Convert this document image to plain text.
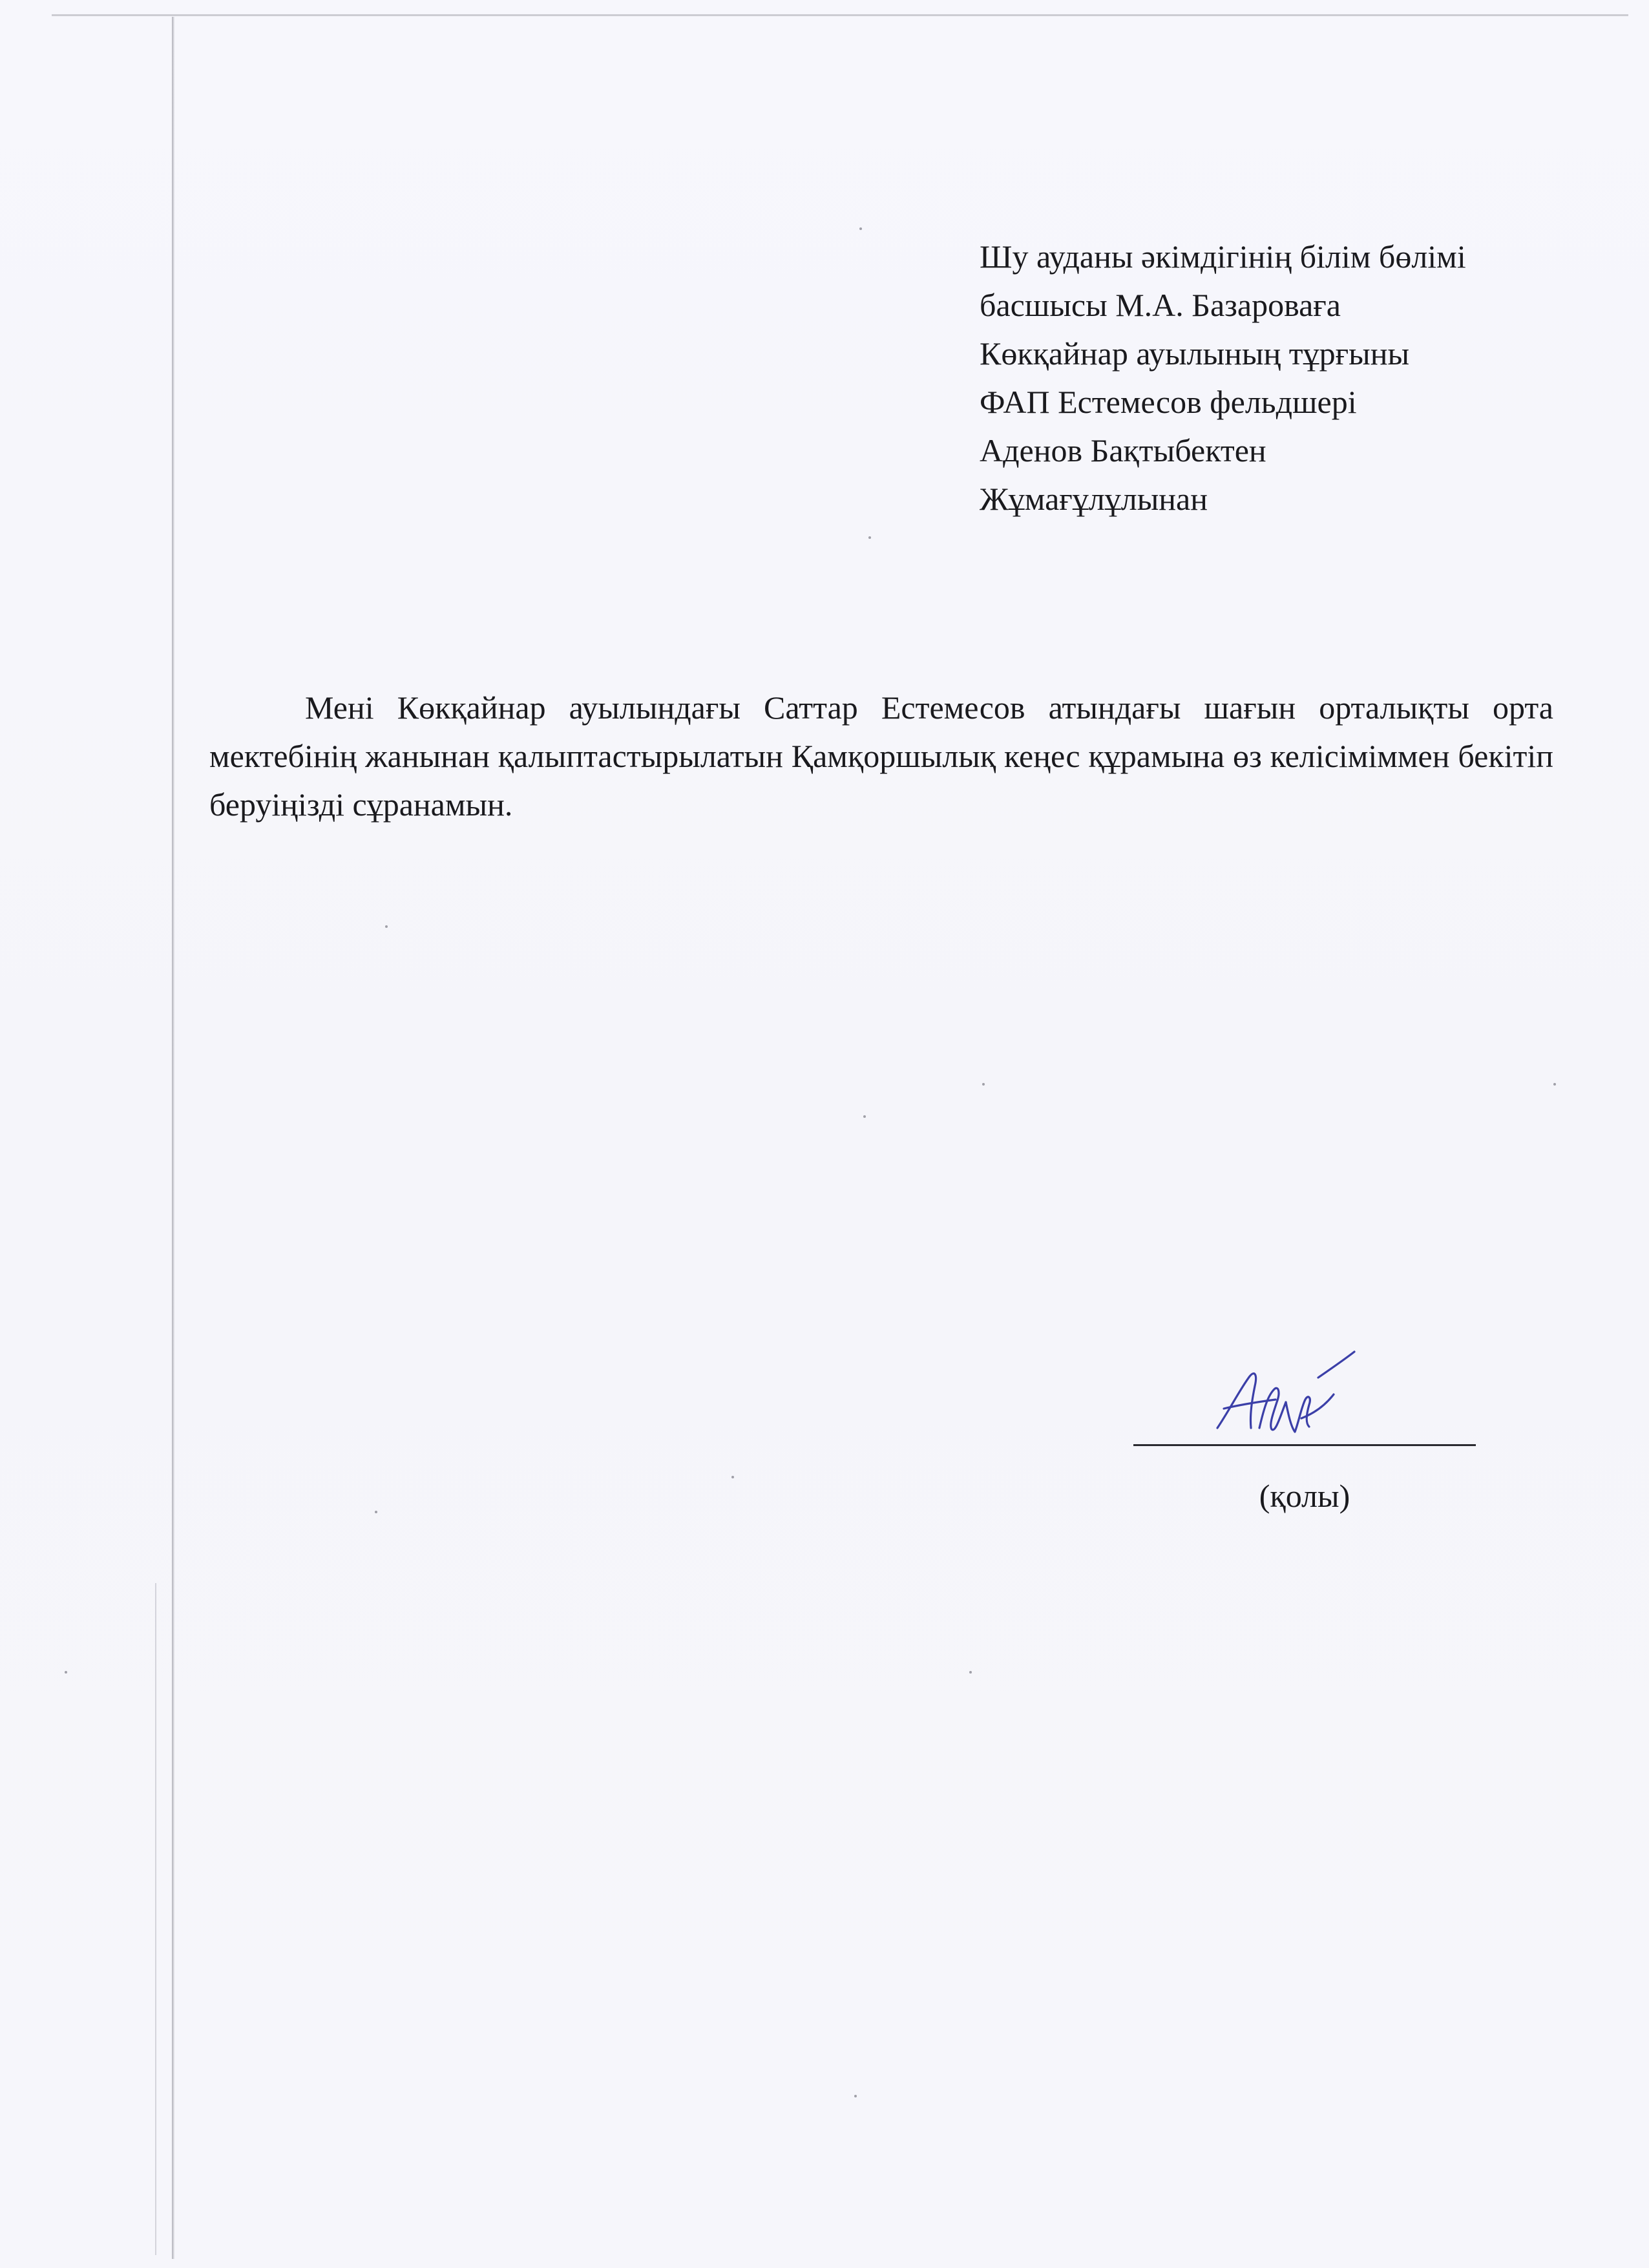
Шу ауданы әкімдігінің білім бөлімі
басшысы М.А. Базароваға
Көкқайнар ауылының тұрғыны
ФАП Естемесов фельдшері
Аденов Бақтыбектен
Жұмағұлұлынан
Мені Көкқайнар ауылындағы Саттар Естемесов атындағы шағын орталықты орта мектебінің жанынан қалыптастырылатын Қамқоршылық кеңес құрамына өз келісіміммен бекітіп беруіңізді сұранамын.
(қолы)
